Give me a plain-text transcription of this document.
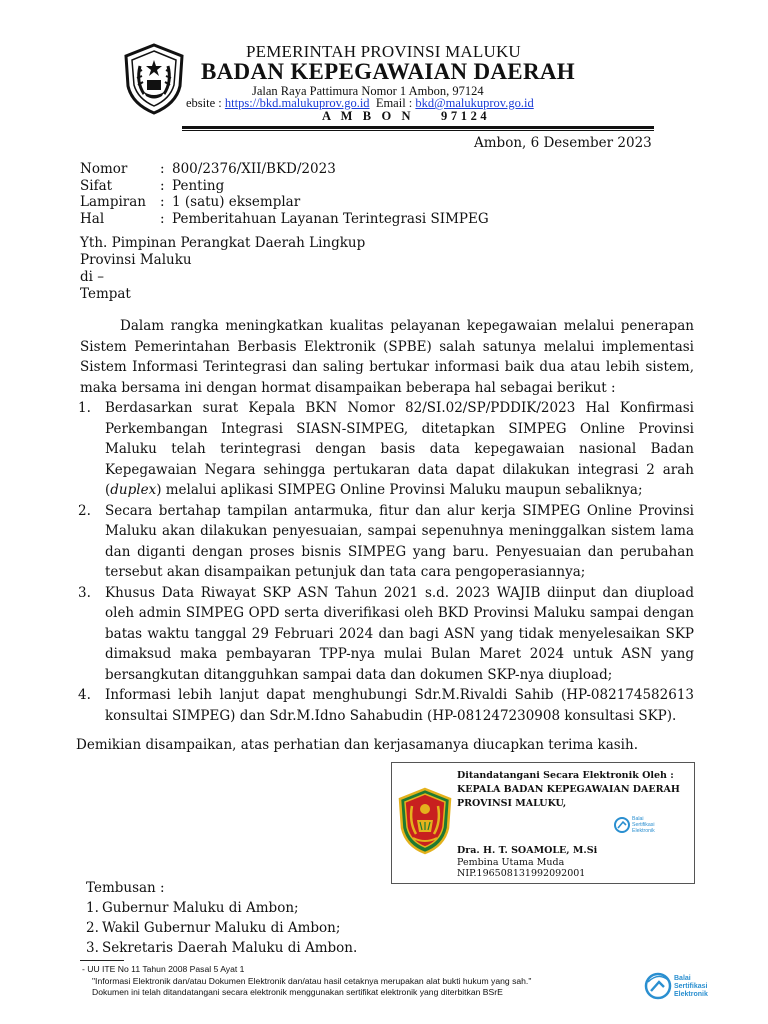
PEMERINTAH PROVINSI MALUKU
BADAN KEPEGAWAIAN DAERAH
Jalan Raya Pattimura Nomor 1 Ambon, 97124
ebsite : https://bkd.malukuprov.go.id  Email : bkd@malukuprov.go.id
A M B O N    97124
Ambon, 6 Desember 2023
Nomor	: 800/2376/XII/BKD/2023
Sifat	: Penting
Lampiran	: 1 (satu) eksemplar
Hal	: Pemberitahuan Layanan Terintegrasi SIMPEG
Yth. Pimpinan Perangkat Daerah Lingkup
Provinsi Maluku
di –
Tempat

Dalam rangka meningkatkan kualitas pelayanan kepegawaian melalui penerapan Sistem Pemerintahan Berbasis Elektronik (SPBE) salah satunya melalui implementasi Sistem Informasi Terintegrasi dan saling bertukar informasi baik dua atau lebih sistem, maka bersama ini dengan hormat disampaikan beberapa hal sebagai berikut :

1. Berdasarkan surat Kepala BKN Nomor 82/SI.02/SP/PDDIK/2023 Hal Konfirmasi Perkembangan Integrasi SIASN-SIMPEG, ditetapkan SIMPEG Online Provinsi Maluku telah terintegrasi dengan basis data kepegawaian nasional Badan Kepegawaian Negara sehingga pertukaran data dapat dilakukan integrasi 2 arah (duplex) melalui aplikasi SIMPEG Online Provinsi Maluku maupun sebaliknya;
2. Secara bertahap tampilan antarmuka, fitur dan alur kerja SIMPEG Online Provinsi Maluku akan dilakukan penyesuaian, sampai sepenuhnya meninggalkan sistem lama dan diganti dengan proses bisnis SIMPEG yang baru. Penyesuaian dan perubahan tersebut akan disampaikan petunjuk dan tata cara pengoperasiannya;
3. Khusus Data Riwayat SKP ASN Tahun 2021 s.d. 2023 WAJIB diinput dan diupload oleh admin SIMPEG OPD serta diverifikasi oleh BKD Provinsi Maluku sampai dengan batas waktu tanggal 29 Februari 2024 dan bagi ASN yang tidak menyelesaikan SKP dimaksud maka pembayaran TPP-nya mulai Bulan Maret 2024 untuk ASN yang bersangkutan ditangguhkan sampai data dan dokumen SKP-nya diupload;
4. Informasi lebih lanjut dapat menghubungi Sdr.M.Rivaldi Sahib (HP-082174582613 konsultai SIMPEG) dan Sdr.M.Idno Sahabudin (HP-081247230908 konsultasi SKP).
Demikian disampaikan, atas perhatian dan kerjasamanya diucapkan terima kasih.
Ditandatangani Secara Elektronik Oleh :
KEPALA BADAN KEPEGAWAIAN DAERAH
PROVINSI MALUKU,
Balai
Sertifikasi
Elektronik
Dra. H. T. SOAMOLE, M.Si
Pembina Utama Muda
NIP.196508131992092001
Tembusan :
1. Gubernur Maluku di Ambon;
2. Wakil Gubernur Maluku di Ambon;
3. Sekretaris Daerah Maluku di Ambon.
- UU ITE No 11 Tahun 2008 Pasal 5 Ayat 1
"Informasi Elektronik dan/atau Dokumen Elektronik dan/atau hasil cetaknya merupakan alat bukti hukum yang sah."
Dokumen ini telah ditandatangani secara elektronik menggunakan sertifikat elektronik yang diterbitkan BSrE
Balai
Sertifikasi
Elektronik
